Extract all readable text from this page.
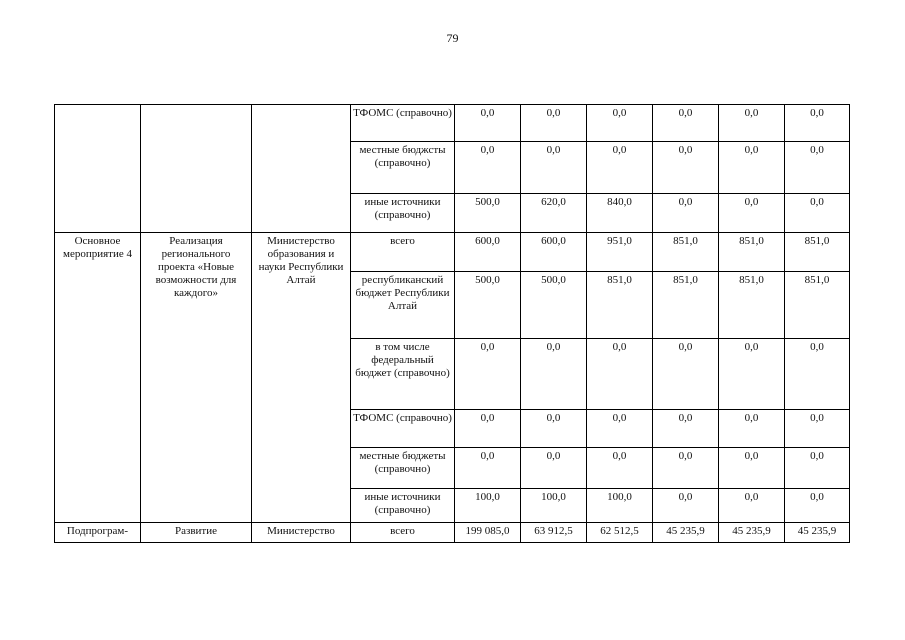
79
			ТФОМС (справочно)	0,0	0,0	0,0	0,0	0,0	0,0
			местные бюджсты (справочно)	0,0	0,0	0,0	0,0	0,0	0,0
			иные источники (справочно)	500,0	620,0	840,0	0,0	0,0	0,0
Основное мероприятие 4	Реализация регионального проекта «Новые возможности для каждого»	Министерство образования и науки Республики Алтай	всего	600,0	600,0	951,0	851,0	851,0	851,0
			республиканский бюджет Республики Алтай	500,0	500,0	851,0	851,0	851,0	851,0
			в том числе федеральный бюджет (справочно)	0,0	0,0	0,0	0,0	0,0	0,0
			ТФОМС (справочно)	0,0	0,0	0,0	0,0	0,0	0,0
			местные бюджеты (справочно)	0,0	0,0	0,0	0,0	0,0	0,0
			иные источники (справочно)	100,0	100,0	100,0	0,0	0,0	0,0
Подпрограм-	Развитие	Министерство	всего	199 085,0	63 912,5	62 512,5	45 235,9	45 235,9	45 235,9
